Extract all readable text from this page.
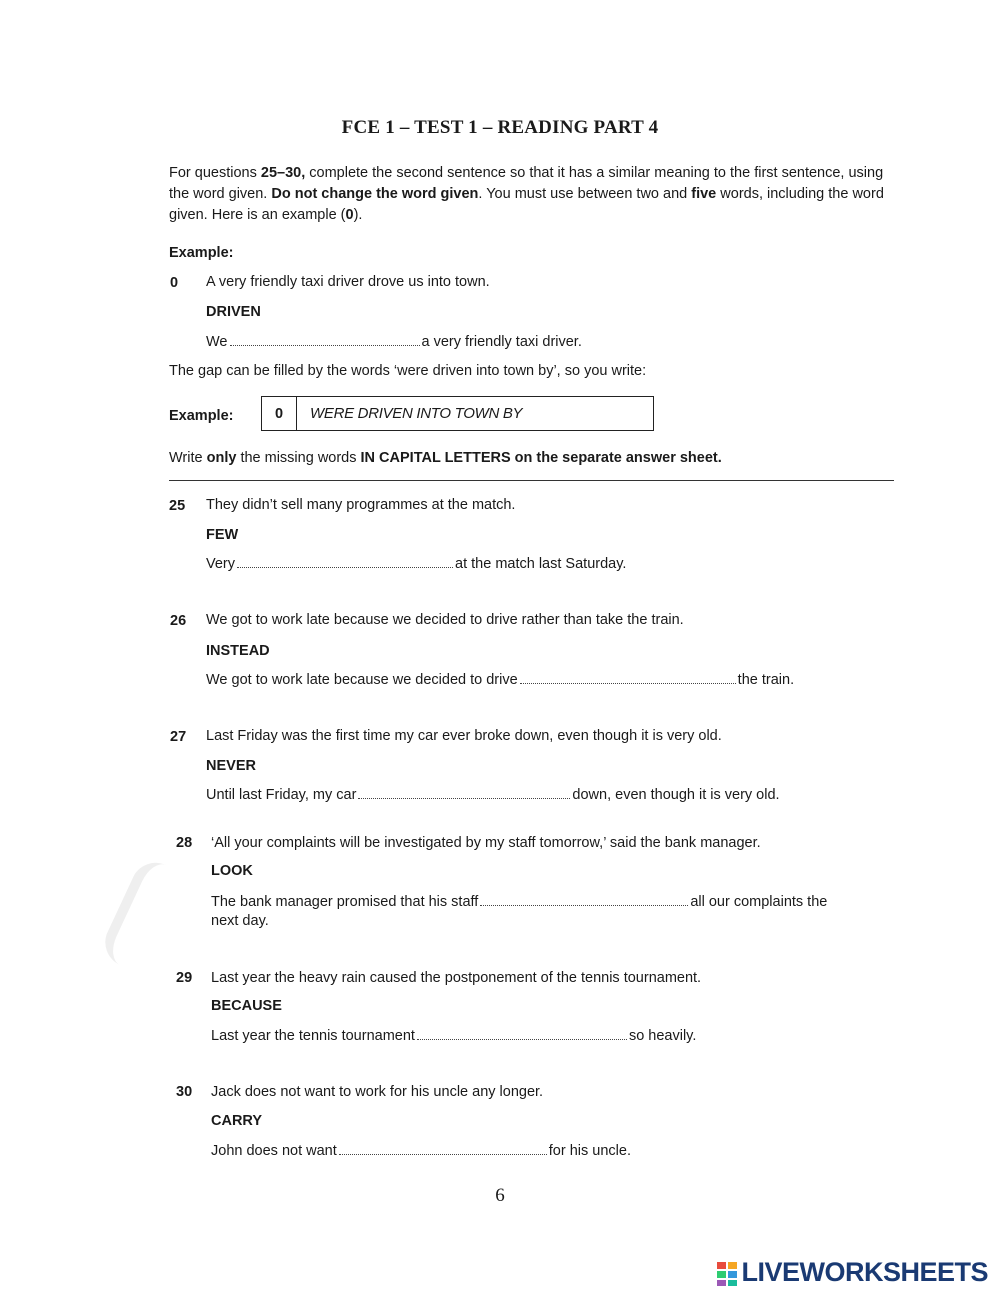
FCE 1 – TEST 1 – READING PART 4
For questions 25–30, complete the second sentence so that it has a similar meaning to the first sentence, using the word given. Do not change the word given. You must use between two and five words, including the word given. Here is an example (0).
Example:
0 A very friendly taxi driver drove us into town.
DRIVEN
We	a very friendly taxi driver.
The gap can be filled by the words ‘were driven into town by’, so you write:
Example:	0	WERE DRIVEN INTO TOWN BY
Write only the missing words IN CAPITAL LETTERS on the separate answer sheet.
25 They didn’t sell many programmes at the match.
FEW
Very	at the match last Saturday.
26 We got to work late because we decided to drive rather than take the train.
INSTEAD
We got to work late because we decided to drive	the train.
27 Last Friday was the first time my car ever broke down, even though it is very old.
NEVER
Until last Friday, my car	down, even though it is very old.
28 ‘All your complaints will be investigated by my staff tomorrow,’ said the bank manager.
LOOK
The bank manager promised that his staff	all our complaints the
next day.
29 Last year the heavy rain caused the postponement of the tennis tournament.
BECAUSE
Last year the tennis tournament	so heavily.
30 Jack does not want to work for his uncle any longer.
CARRY
John does not want	for his uncle.
6
LIVEWORKSHEETS
